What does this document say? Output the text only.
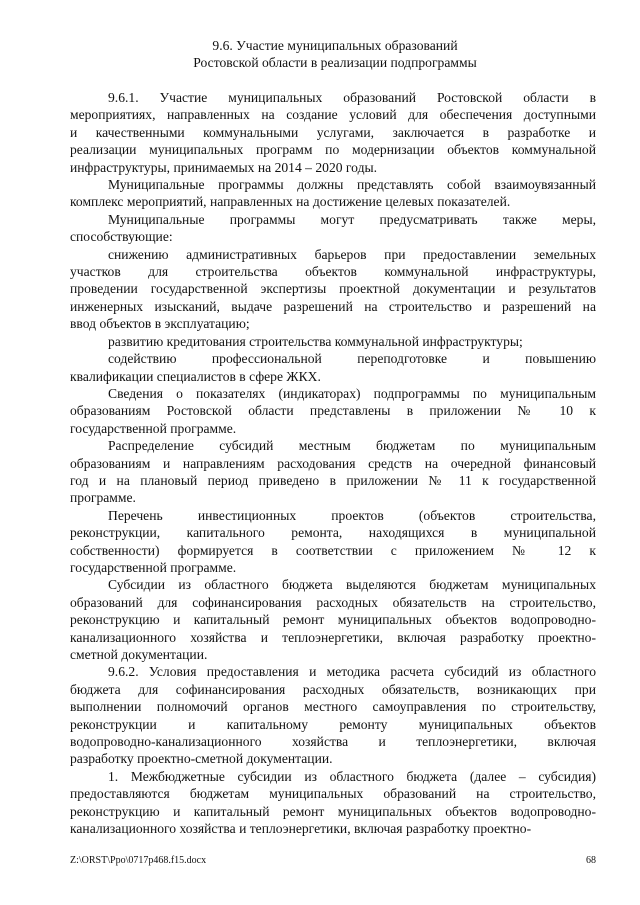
9.6. Участие муниципальных образований
Ростовской области в реализации подпрограммы
9.6.1. Участие муниципальных образований Ростовской области в
мероприятиях, направленных на создание условий для обеспечения доступными
и качественными коммунальными услугами, заключается в разработке и
реализации муниципальных программ по модернизации объектов коммунальной
инфраструктуры, принимаемых на 2014 – 2020 годы.
Муниципальные программы должны представлять собой взаимоувязанный
комплекс мероприятий, направленных на достижение целевых показателей.
Муниципальные программы могут предусматривать также меры,
способствующие:
снижению административных барьеров при предоставлении земельных
участков для строительства объектов коммунальной инфраструктуры,
проведении государственной экспертизы проектной документации и результатов
инженерных изысканий, выдаче разрешений на строительство и разрешений на
ввод объектов в эксплуатацию;
развитию кредитования строительства коммунальной инфраструктуры;
содействию профессиональной переподготовке и повышению
квалификации специалистов в сфере ЖКХ.
Сведения о показателях (индикаторах) подпрограммы по муниципальным
образованиям Ростовской области представлены в приложении № 10 к
государственной программе.
Распределение субсидий местным бюджетам по муниципальным
образованиям и направлениям расходования средств на очередной финансовый
год и на плановый период приведено в приложении № 11 к государственной
программе.
Перечень инвестиционных проектов (объектов строительства,
реконструкции, капитального ремонта, находящихся в муниципальной
собственности) формируется в соответствии с приложением № 12 к
государственной программе.
Субсидии из областного бюджета выделяются бюджетам муниципальных
образований для софинансирования расходных обязательств на строительство,
реконструкцию и капитальный ремонт муниципальных объектов водопроводно-
канализационного хозяйства и теплоэнергетики, включая разработку проектно-
сметной документации.
9.6.2. Условия предоставления и методика расчета субсидий из областного
бюджета для софинансирования расходных обязательств, возникающих при
выполнении полномочий органов местного самоуправления по строительству,
реконструкции и капитальному ремонту муниципальных объектов
водопроводно-канализационного хозяйства и теплоэнергетики, включая
разработку проектно-сметной документации.
1. Межбюджетные субсидии из областного бюджета (далее – субсидия)
предоставляются бюджетам муниципальных образований на строительство,
реконструкцию и капитальный ремонт муниципальных объектов водопроводно-
канализационного хозяйства и теплоэнергетики, включая разработку проектно-
Z:\ORST\Ppo\0717p468.f15.docx	68
